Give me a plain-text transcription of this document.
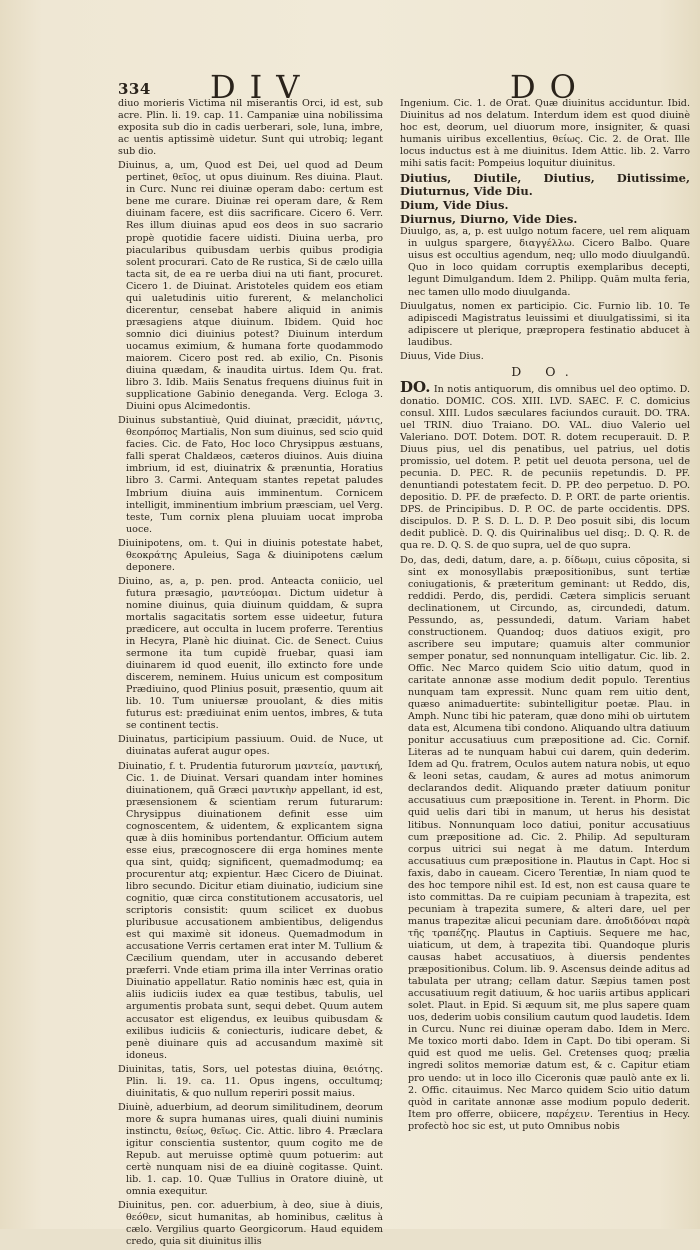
334 DIV	DO

diuo morieris Victima nil miserantis Orci, id est, sub acre. Plin. li. 19. cap. 11. Campaniæ uina nobilissima exposita sub dio in cadis uerberari, sole, luna, imbre, ac uentis aptissimè uidetur. Sunt qui utrobiq; legant sub dio.

Diuinus, a, um, Quod est Dei, uel quod ad Deum pertinet, θεῖος, ut opus diuinum. Res diuina. Plaut. in Curc. Nunc rei diuinæ operam dabo: certum est bene me curare. Diuinæ rei operam dare, & Rem diuinam facere, est diis sacrificare. Cicero 6. Verr. Res illum diuinas apud eos deos in suo sacrario propè quotidie facere uidisti. Diuina uerba, pro piacularibus quibusdam uerbis quibus prodigia solent procurari. Cato de Re rustica, Si de cælo uilla tacta sit, de ea re uerba diui na uti fiant, procuret. Cicero 1. de Diuinat. Aristoteles quidem eos etiam qui ualetudinis uitio furerent, & melancholici dicerentur, censebat habere aliquid in animis præsagiens atque diuinum. Ibidem. Quid hoc somnio dici diuinius potest? Diuinum interdum uocamus eximium, & humana forte quodammodo maiorem. Cicero post red. ab exilio, Cn. Pisonis diuina quædam, & inaudita uirtus. Idem Qu. frat. libro 3. Idib. Maiis Senatus frequens diuinus fuit in supplicatione Gabinio deneganda. Verg. Ecloga 3. Diuini opus Alcimedontis.

Diuinus substantiuè, Quid diuinat, præcidit, μάντις, θεοπρόπος Martialis, Non sum diuinus, sed scio quid facies. Cic. de Fato, Hoc loco Chrysippus æstuans, falli sperat Chaldæos, cæteros diuinos. Auis diuina imbrium, id est, diuinatrix & prænuntia, Horatius libro 3. Carmi. Antequam stantes repetat paludes Imbrium diuina auis imminentum. Cornicem intelligit, imminentium imbrium præsciam, uel Verg. teste, Tum cornix plena pluuiam uocat improba uoce.

Diuinipotens, om. t. Qui in diuinis potestate habet, θεοκράτης Apuleius, Saga & diuinipotens cælum deponere.

Diuino, as, a, p. pen. prod. Anteacta coniicio, uel futura præsagio, μαντεύομαι. Dictum uidetur à nomine diuinus, quia diuinum quiddam, & supra mortalis sagacitatis sortem esse uideetur, futura prædicere, aut occulta in lucem proferre. Terentius in Hecyra, Planè hic diuinat. Cic. de Senect. Cuius sermone ita tum cupidè fruebar, quasi iam diuinarem id quod euenit, illo extincto fore unde discerem, neminem. Huius unicum est compositum Prædiuino, quod Plinius posuit, præsentio, quum ait lib. 10. Tum uniuersæ prouolant, & dies mitis futurus est: prædiuinat enim uentos, imbres, & tuta se continent tectis.

Diuinatus, participium passiuum. Ouid. de Nuce, ut diuinatas auferat augur opes.

Diuinatio, f. t. Prudentia futurorum μαντεία, μαντική, Cic. 1. de Diuinat. Versari quandam inter homines diuinationem, quã Græci μαντικὴν appellant, id est, præsensionem & scientiam rerum futurarum: Chrysippus diuinationem definit esse uim cognoscentem, & uidentem, & explicantem signa quæ à diis hominibus portendantur. Officium autem esse eius, præcognoscere dii erga homines mente qua sint, quidq; significent, quemadmodumq; ea procurentur atq; expientur. Hæc Cicero de Diuinat. libro secundo. Dicitur etiam diuinatio, iudicium sine cognitio, quæ circa constitutionem accusatoris, uel scriptoris consistit: quum scilicet ex duobus pluribusue accusationem ambientibus, deligendus est qui maximè sit idoneus. Quemadmodum in accusatione Verris certamen erat inter M. Tullium & Cæcilium quendam, uter in accusando deberet præferri. Vnde etiam prima illa inter Verrinas oratio Diuinatio appellatur. Ratio nominis hæc est, quia in aliis iudiciis iudex ea quæ testibus, tabulis, uel argumentis probata sunt, sequi debet. Quum autem accusator est eligendus, ex leuibus quibusdam & exilibus iudiciis & coniecturis, iudicare debet, & penè diuinare quis ad accusandum maximè sit idoneus.

Diuinitas, tatis, Sors, uel potestas diuina, θειότης. Plin. li. 19. ca. 11. Opus ingens, occultumq; diuinitatis, & quo nullum reperiri possit maius.

Diuinè, aduerbium, ad deorum similitudinem, deorum more & supra humanas uires, quali diuini numinis instinctu, θείως, θεῖως. Cic. Attic. libro 4. Præclara igitur conscientia sustentor, quum cogito me de Repub. aut meruisse optimè quum potuerim: aut certè nunquam nisi de ea diuinè cogitasse. Quint. lib. 1. cap. 10. Quæ Tullius in Oratore diuinè, ut omnia exequitur.

Diuinitus, pen. cor. aduerbium, à deo, siue à diuis, θεόθεν, sicut humanitas, ab hominibus, cælitus à cælo. Vergilius quarto Georgicorum. Haud equidem credo, quia sit diuinitus illis

Ingenium. Cic. 1. de Orat. Quæ diuinitus acciduntur. Ibid. Diuinitus ad nos delatum. Interdum idem est quod diuinè hoc est, deorum, uel diuorum more, insigniter, & quasi humanis uiribus excellentius, θείως. Cic. 2. de Orat. Ille locus inductus est à me diuinitus. Idem Attic. lib. 2. Varro mihi satis facit: Pompeius loquitur diuinitus.

Diutius, Diutile, Diutius, Diutissime, Diuturnus, Vide Diu.
Dium, Vide Dius.
Diurnus, Diurno, Vide Dies.

Diuulgo, as, a, p. est uulgo notum facere, uel rem aliquam in uulgus spargere, διαγγέλλω. Cicero Balbo. Quare uisus est occultius agendum, neq; ullo modo diuulgandū. Quo in loco quidam corruptis exemplaribus decepti, legunt Dimulgandum. Idem 2. Philipp. Quām multa feria, nec tamen ullo modo diuulganda.

Diuulgatus, nomen ex participio. Cic. Furnio lib. 10. Te adipiscedi Magistratus leuissimi et diuulgatissimi, si ita adipiscere ut plerique, præpropera festinatio abducet à laudibus.

Diuus, Vide Dius.

D O.

DO. In notis antiquorum, dis omnibus uel deo optimo. D. donatio. DOMIC. COS. XIII. LVD. SAEC. F. C. domicius consul. XIII. Ludos sæculares faciundos curauit. DO. TRA. uel TRIN. diuo Traiano. DO. VAL. diuo Valerio uel Valeriano. DOT. Dotem. DOT. R. dotem recuperauit. D. P. Diuus pius, uel dis penatibus, uel patrius, uel dotis promissio, uel dotem. P. petit uel deuota persona, uel de pecunia. D. PEC. R. de pecuniis repetundis. D. PF. denuntiandi potestatem fecit. D. PP. deo perpetuo. D. PO. depositio. D. PF. de præfecto. D. P. ORT. de parte orientis. DPS. de Principibus. D. P. OC. de parte occidentis. DPS. discipulos. D. P. S. D. L. D. P. Deo posuit sibi, dis locum dedit publicè. D. Q. dis Quirinalibus uel disq;. D. Q. R. de qua re. D. Q. S. de quo supra, uel de quo supra.

Do, das, dedi, datum, dare, a. p. δίδωμι, cuius cōposita, si sint ex monosyllabis præpositionibus, sunt tertiæ coniugationis, & præteritum geminant: ut Reddo, dis, reddidi. Perdo, dis, perdidi. Cætera simplicis seruant declinationem, ut Circundo, as, circundedi, datum. Pessundo, as, pessundedi, datum. Variam habet constructionem. Quandoq; duos datiuos exigit, pro ascribere seu imputare; quamuis alter communior semper ponatur, sed nonnunquam intelligatur. Cic. lib. 2. Offic. Nec Marco quidem Scio uitio datum, quod in caritate annonæ asse modium dedit populo. Terentius nunquam tam expressit. Nunc quam rem uitio dent, quæso animaduertite: subintelligitur poetæ. Plau. in Amph. Nunc tibi hic pateram, quæ dono mihi ob uirtutem data est, Alcumena tibi condono. Aliquando ultra datiuum ponitur accusatiuus cum præpositione ad. Cic. Cornif. Literas ad te nunquam habui cui darem, quin dederim. Idem ad Qu. fratrem, Oculos autem natura nobis, ut equo & leoni setas, caudam, & aures ad motus animorum declarandos dedit. Aliquando præter datiuum ponitur accusatiuus cum præpositione in. Terent. in Phorm. Dic quid uelis dari tibi in manum, ut herus his desistat litibus. Nonnunquam loco datiui, ponitur accusatiuus cum præpositione ad. Cic. 2. Philip. Ad sepulturam corpus uitrici sui negat à me datum. Interdum accusatiuus cum præpositione in. Plautus in Capt. Hoc si faxis, dabo in caueam. Cicero Terentiæ, In niam quod te des hoc tempore nihil est. Id est, non est causa quare te isto committas. Da re cuipiam pecuniam à trapezita, est pecuniam à trapezita sumere, & alteri dare, uel per manus trapezitæ alicui pecuniam dare. ἀποδιδόναι παρὰ τῆς τραπέζης. Plautus in Captiuis. Sequere me hac, uiaticum, ut dem, à trapezita tibi. Quandoque pluris causas habet accusatiuos, à diuersis pendentes præpositionibus. Colum. lib. 9. Ascensus deinde aditus ad tabulata per utrang; cellam datur. Sæpius tamen post accusatiuum regit datiuum, & hoc uariis artibus applicari solet. Plaut. in Epid. Si æquum sit, me plus sapere quam uos, dederim uobis consilium cautum quod laudetis. Idem in Curcu. Nunc rei diuinæ operam dabo. Idem in Merc. Me toxico morti dabo. Idem in Capt. Do tibi operam. Si quid est quod me uelis. Gel. Cretenses quoq; prælia ingredi solitos memoriæ datum est, & c. Capitur etiam pro uendo: ut in loco illo Ciceronis quæ paulò ante ex li. 2. Offic. citauimus. Nec Marco quidem Scio uitio datum quòd in caritate annonæ asse modium populo dederit. Item pro offerre, obiicere, παρέχειν. Terentius in Hecy. profectò hoc sic est, ut puto Omnibus nobis
